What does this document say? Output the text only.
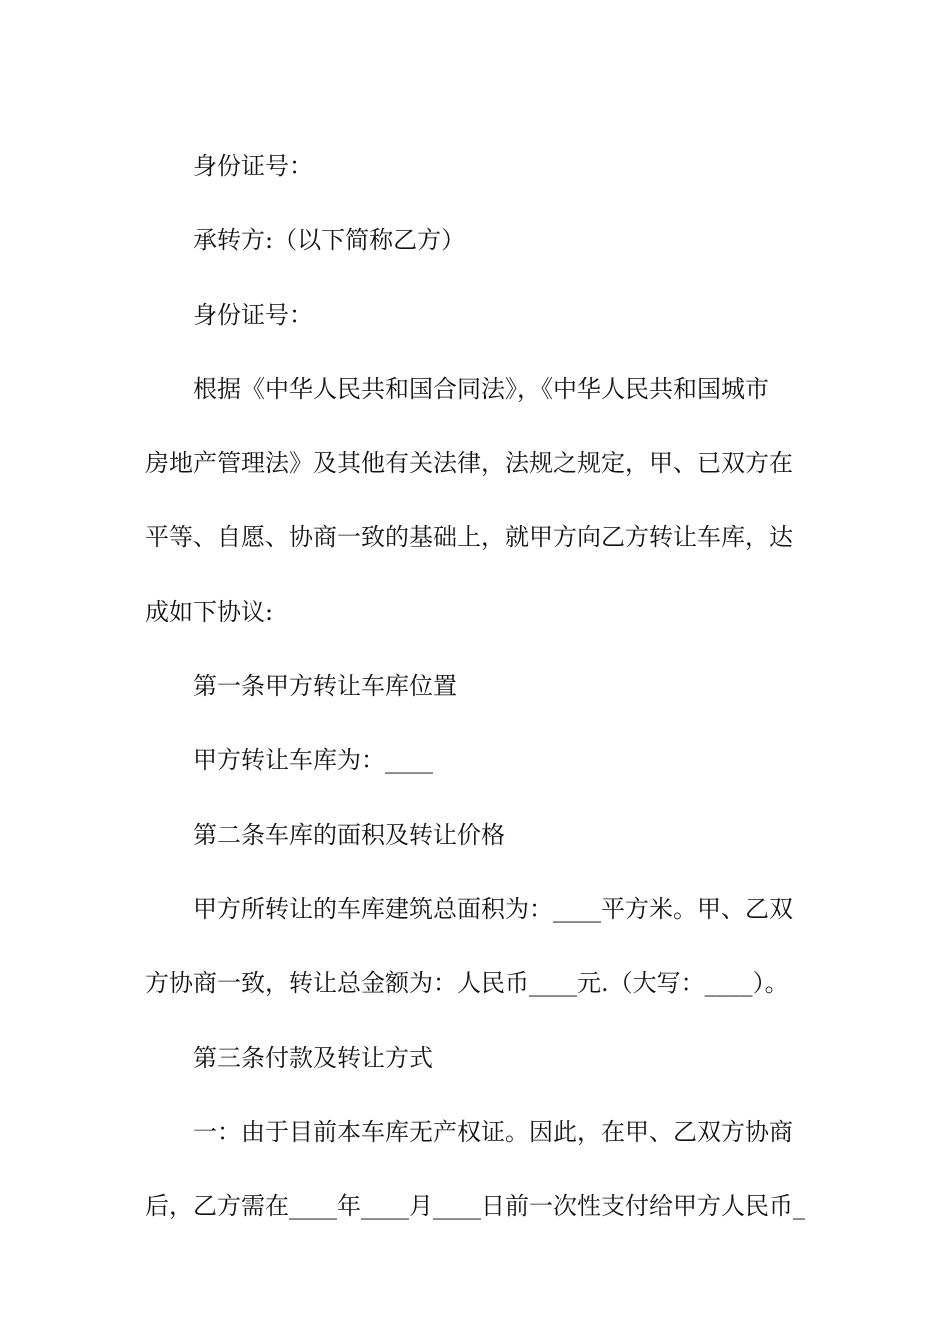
身份证号：

承转方:（以下简称乙方）

身份证号：

根据《中华人民共和国合同法》，《中华人民共和国城市

房地产管理法》及其他有关法律，法规之规定，甲、已双方在

平等、自愿、协商一致的基础上，就甲方向乙方转让车库，达

成如下协议:

第一条甲方转让车库位置

甲方转让车库为：____

第二条车库的面积及转让价格

甲方所转让的车库建筑总面积为：____平方米。甲、乙双

方协商一致，转让总金额为：人民币____元.（大写：____）。

第三条付款及转让方式

一：由于目前本车库无产权证。因此，在甲、乙双方协商

后，乙方需在____年____月____日前一次性支付给甲方人民币_
